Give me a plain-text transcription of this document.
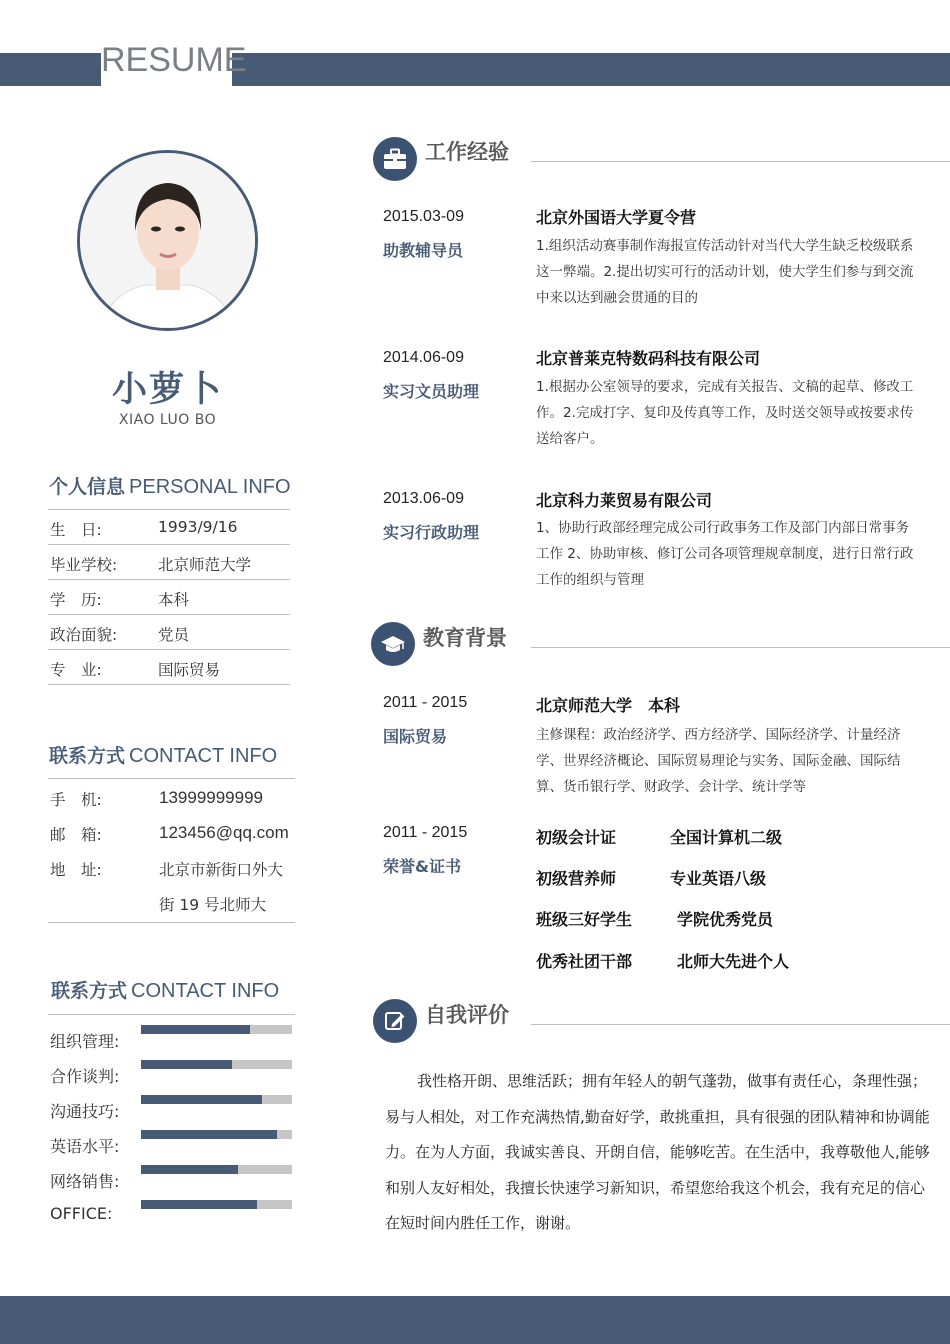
RESUME
小萝卜
XIAO LUO BO
个人信息 PERSONAL INFO
生　日:	1993/9/16
毕业学校:	北京师范大学
学　历:	本科
政治面貌:	党员
专　业:	国际贸易
联系方式 CONTACT INFO
手　机:	13999999999
邮　箱:	123456@qq.com
地　址:	北京市新街口外大
街 19 号北师大
联系方式 CONTACT INFO
组织管理:
合作谈判:
沟通技巧:
英语水平:
网络销售:
OFFICE:
工作经验
2015.03-09
助教辅导员
北京外国语大学夏令营
1.组织活动赛事制作海报宣传活动针对当代大学生缺乏校级联系这一弊端。2.提出切实可行的活动计划，使大学生们参与到交流中来以达到融会贯通的目的
2014.06-09
实习文员助理
北京普莱克特数码科技有限公司
1.根据办公室领导的要求，完成有关报告、文稿的起草、修改工作。2.完成打字、复印及传真等工作，及时送交领导或按要求传送给客户。
2013.06-09
实习行政助理
北京科力莱贸易有限公司
1、协助行政部经理完成公司行政事务工作及部门内部日常事务工作 2、协助审核、修订公司各项管理规章制度，进行日常行政工作的组织与管理
教育背景
2011 - 2015
国际贸易
北京师范大学　本科
主修课程：政治经济学、西方经济学、国际经济学、计量经济学、世界经济概论、国际贸易理论与实务、国际金融、国际结算、货币银行学、财政学、会计学、统计学等
2011 - 2015
荣誉&证书
初级会计证	全国计算机二级
初级营养师	专业英语八级
班级三好学生	学院优秀党员
优秀社团干部	北师大先进个人
自我评价
我性格开朗、思维活跃；拥有年轻人的朝气蓬勃，做事有责任心，条理性强；易与人相处，对工作充满热情,勤奋好学，敢挑重担，具有很强的团队精神和协调能力。在为人方面，我诚实善良、开朗自信，能够吃苦。在生活中，我尊敬他人,能够和别人友好相处，我擅长快速学习新知识，希望您给我这个机会，我有充足的信心在短时间内胜任工作，谢谢。
